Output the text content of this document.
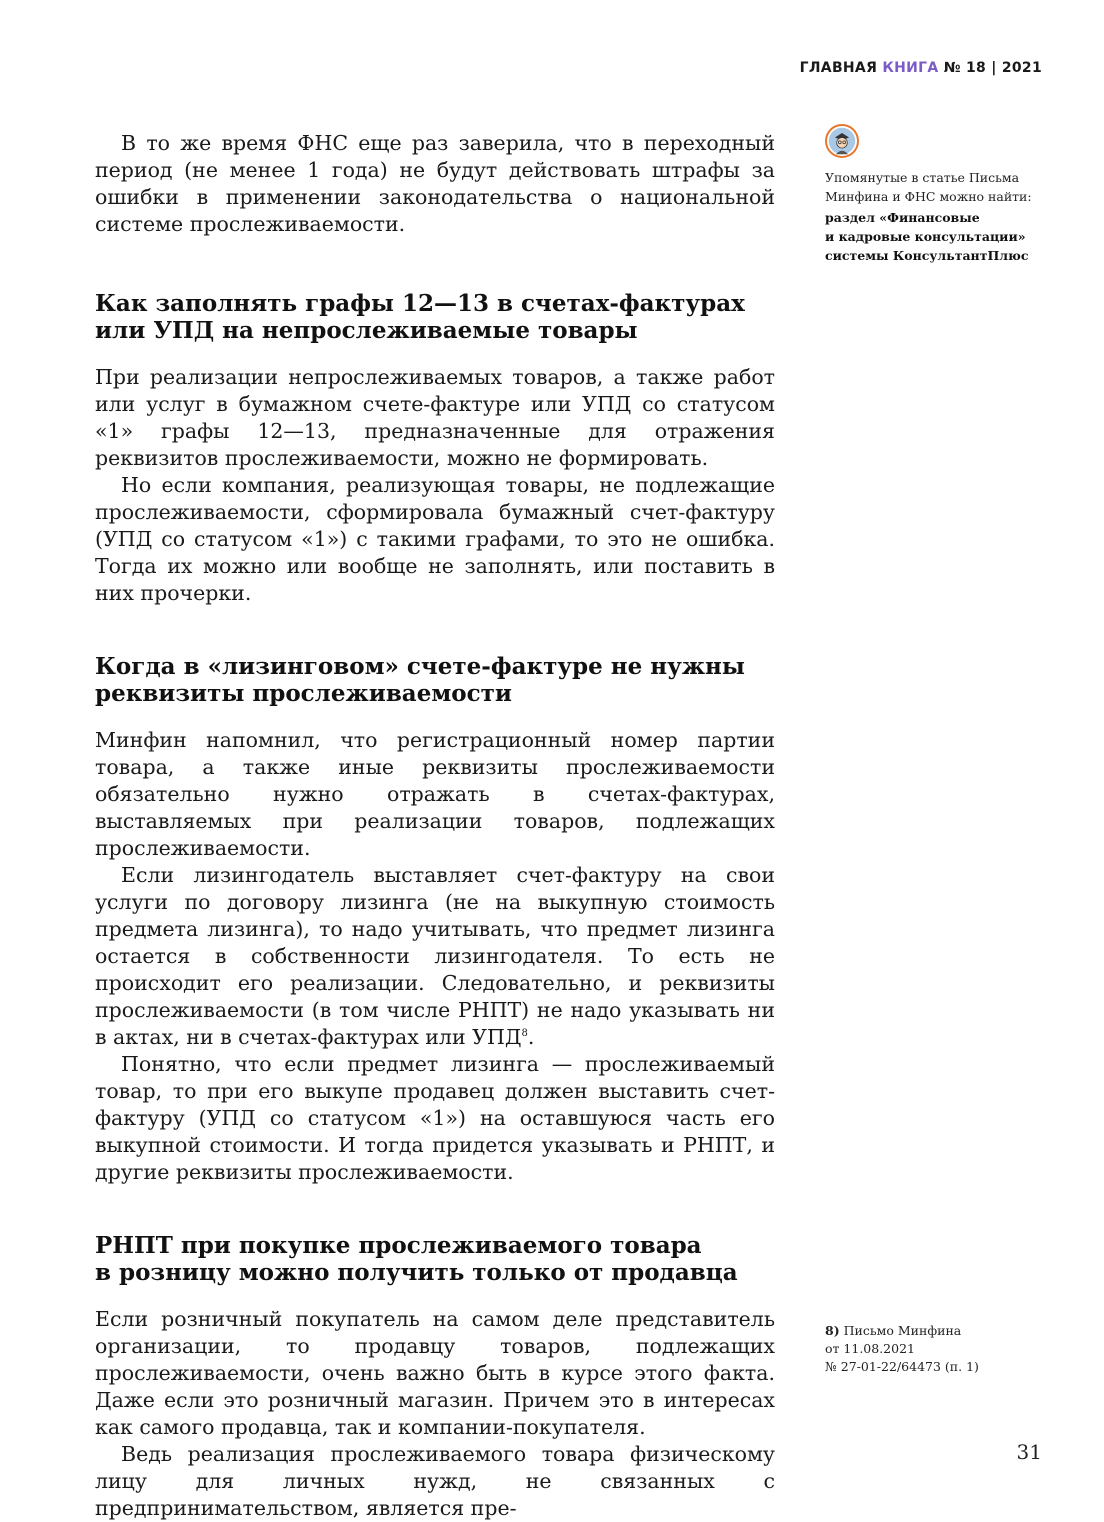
ГЛАВНАЯ КНИГА № 18 | 2021

Упомянутые в статье Письма Минфина и ФНС можно найти:

раздел «Финансовые
и кадровые консультации»
системы КонсультантПлюс

В то же время ФНС еще раз заверила, что в переходный период (не менее 1 года) не будут действовать штрафы за ошибки в применении законодательства о национальной системе прослеживаемости.

Как заполнять графы 12—13 в счетах-фактурах
или УПД на непрослеживаемые товары

При реализации непрослеживаемых товаров, а также работ или услуг в бумажном счете-фактуре или УПД со статусом «1» графы 12—13, предназначенные для отражения реквизитов прослеживаемости, можно не формировать.

Но если компания, реализующая товары, не подлежащие прослеживаемости, сформировала бумажный счет-фактуру (УПД со статусом «1») с такими графами, то это не ошибка. Тогда их можно или вообще не заполнять, или поставить в них прочерки.

Когда в «лизинговом» счете-фактуре не нужны
реквизиты прослеживаемости

Минфин напомнил, что регистрационный номер партии товара, а также иные реквизиты прослеживаемости обязательно нужно отражать в счетах-фактурах, выставляемых при реализации товаров, подлежащих прослеживаемости.

Если лизингодатель выставляет счет-фактуру на свои услуги по договору лизинга (не на выкупную стоимость предмета лизинга), то надо учитывать, что предмет лизинга остается в собственности лизингодателя. То есть не происходит его реализации. Следовательно, и реквизиты прослеживаемости (в том числе РНПТ) не надо указывать ни в актах, ни в счетах-фактурах или УПД$^8$.

Понятно, что если предмет лизинга — прослеживаемый товар, то при его выкупе продавец должен выставить счет-фактуру (УПД со статусом «1») на оставшуюся часть его выкупной стоимости. И тогда придется указывать и РНПТ, и другие реквизиты прослеживаемости.

РНПТ при покупке прослеживаемого товара
в розницу можно получить только от продавца

Если розничный покупатель на самом деле представитель организации, то продавцу товаров, подлежащих прослеживаемости, очень важно быть в курсе этого факта. Даже если это розничный магазин. Причем это в интересах как самого продавца, так и компании-покупателя.

Ведь реализация прослеживаемого товара физическому лицу для личных нужд, не связанных с предпринимательством, является пре-

8) Письмо Минфина
от 11.08.2021
№ 27-01-22/64473 (п. 1)
31
